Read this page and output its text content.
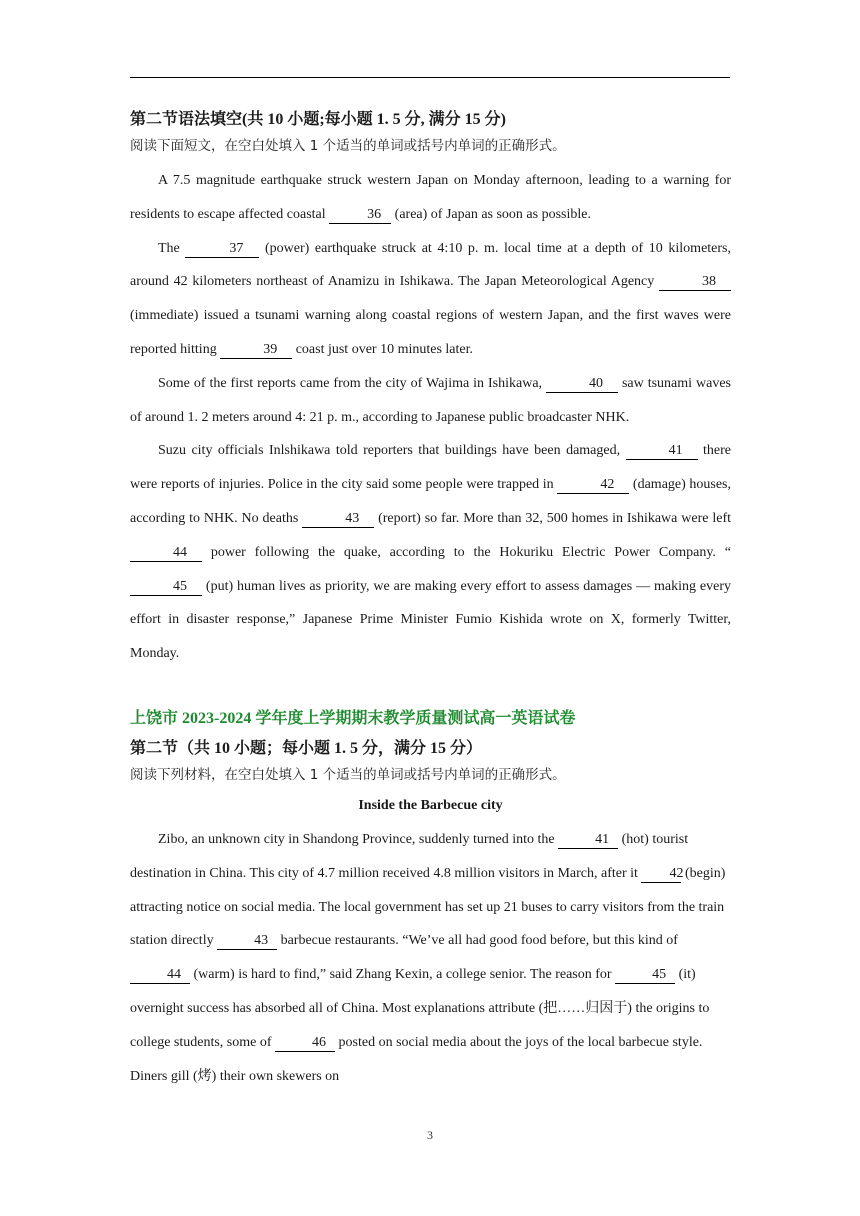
第二节语法填空(共 10 小题;每小题 1. 5 分, 满分 15 分)
阅读下面短文，在空白处填入 1 个适当的单词或括号内单词的正确形式。

A 7.5 magnitude earthquake struck western Japan on Monday afternoon, leading to a warning for residents to escape affected coastal	36 (area) of Japan as soon as possible.

The	37 (power) earthquake struck at 4:10 p. m. local time at a depth of 10 kilometers, around 42 kilometers northeast of Anamizu in Ishikawa. The Japan Meteorological Agency	38 (immediate) issued a tsunami warning along coastal regions of western Japan, and the first waves were reported hitting	39 coast just over 10 minutes later.

Some of the first reports came from the city of Wajima in Ishikawa,	40 saw tsunami waves of around 1. 2 meters around 4: 21 p. m., according to Japanese public broadcaster NHK.

Suzu city officials Inlshikawa told reporters that buildings have been damaged,	41 there were reports of injuries. Police in the city said some people were trapped in	42 (damage) houses, according to NHK. No deaths	43 (report) so far. More than 32, 500 homes in Ishikawa were left 44 power following the quake, according to the Hokuriku Electric Power Company. “ 45 (put) human lives as priority, we are making every effort to assess damages — making every effort in disaster response,” Japanese Prime Minister Fumio Kishida wrote on X, formerly Twitter, Monday.

上饶市 2023-2024 学年度上学期期末教学质量测试高一英语试卷
第二节（共 10 小题；每小题 1. 5 分，满分 15 分）
阅读下列材料，在空白处填入 1 个适当的单词或括号内单词的正确形式。
Inside the Barbecue city

Zibo, an unknown city in Shandong Province, suddenly turned into the	41 (hot) tourist destination in China. This city of 4.7 million received 4.8 million visitors in March, after it 42 (begin) attracting notice on social media. The local government has set up 21 buses to carry visitors from the train station directly	43 barbecue restaurants. “We’ve all had good food before, but this kind of 44 (warm) is hard to find,” said Zhang Kexin, a college senior. The reason for	45 (it) overnight success has absorbed all of China. Most explanations attribute (把……归因于) the origins to college students, some of	46 posted on social media about the joys of the local barbecue style. Diners gill (烤) their own skewers on

3
